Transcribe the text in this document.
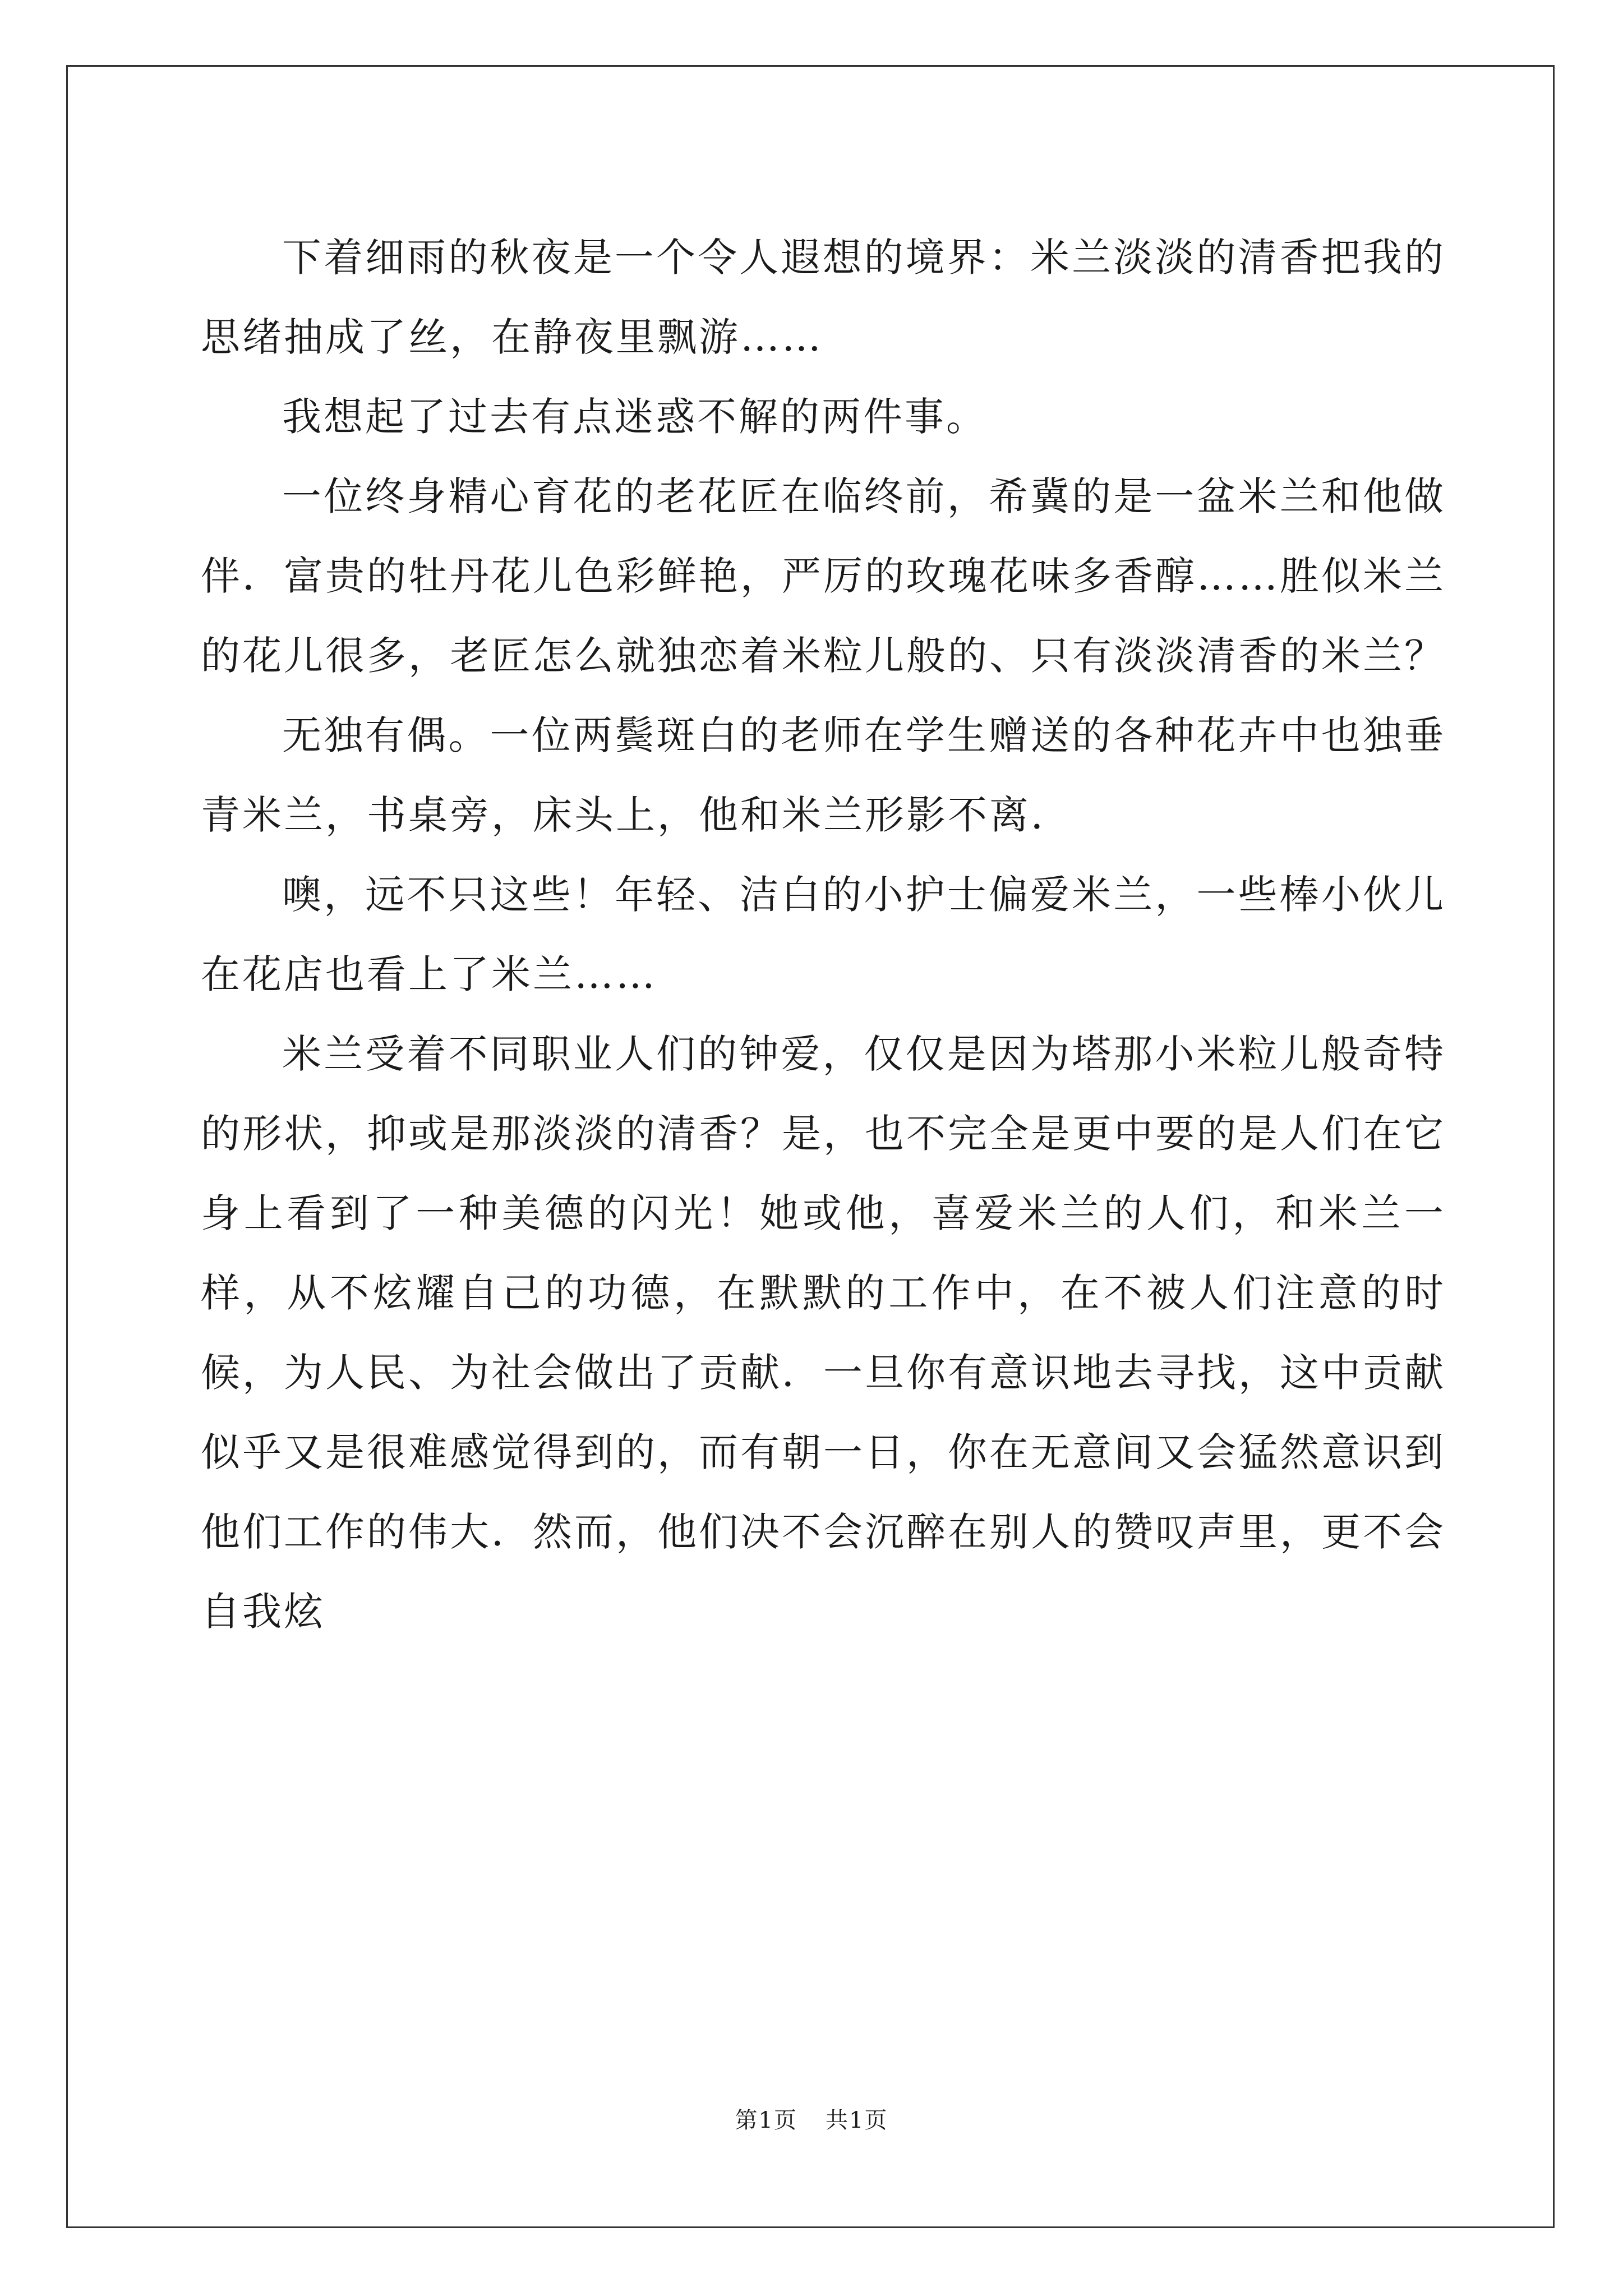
下着细雨的秋夜是一个令人遐想的境界：米兰淡淡的清香把我的思绪抽成了丝，在静夜里飘游……

我想起了过去有点迷惑不解的两件事。

一位终身精心育花的老花匠在临终前，希冀的是一盆米兰和他做伴．富贵的牡丹花儿色彩鲜艳，严厉的玫瑰花味多香醇……胜似米兰的花儿很多，老匠怎么就独恋着米粒儿般的、只有淡淡清香的米兰？

无独有偶。一位两鬓斑白的老师在学生赠送的各种花卉中也独垂青米兰，书桌旁，床头上，他和米兰形影不离．

噢，远不只这些！年轻、洁白的小护士偏爱米兰，一些棒小伙儿在花店也看上了米兰……

米兰受着不同职业人们的钟爱，仅仅是因为塔那小米粒儿般奇特的形状，抑或是那淡淡的清香？是，也不完全是更中要的是人们在它身上看到了一种美德的闪光！她或他，喜爱米兰的人们，和米兰一样，从不炫耀自己的功德，在默默的工作中，在不被人们注意的时候，为人民、为社会做出了贡献．一旦你有意识地去寻找，这中贡献似乎又是很难感觉得到的，而有朝一日，你在无意间又会猛然意识到他们工作的伟大．然而，他们决不会沉醉在别人的赞叹声里，更不会自我炫

第1页 共1页
